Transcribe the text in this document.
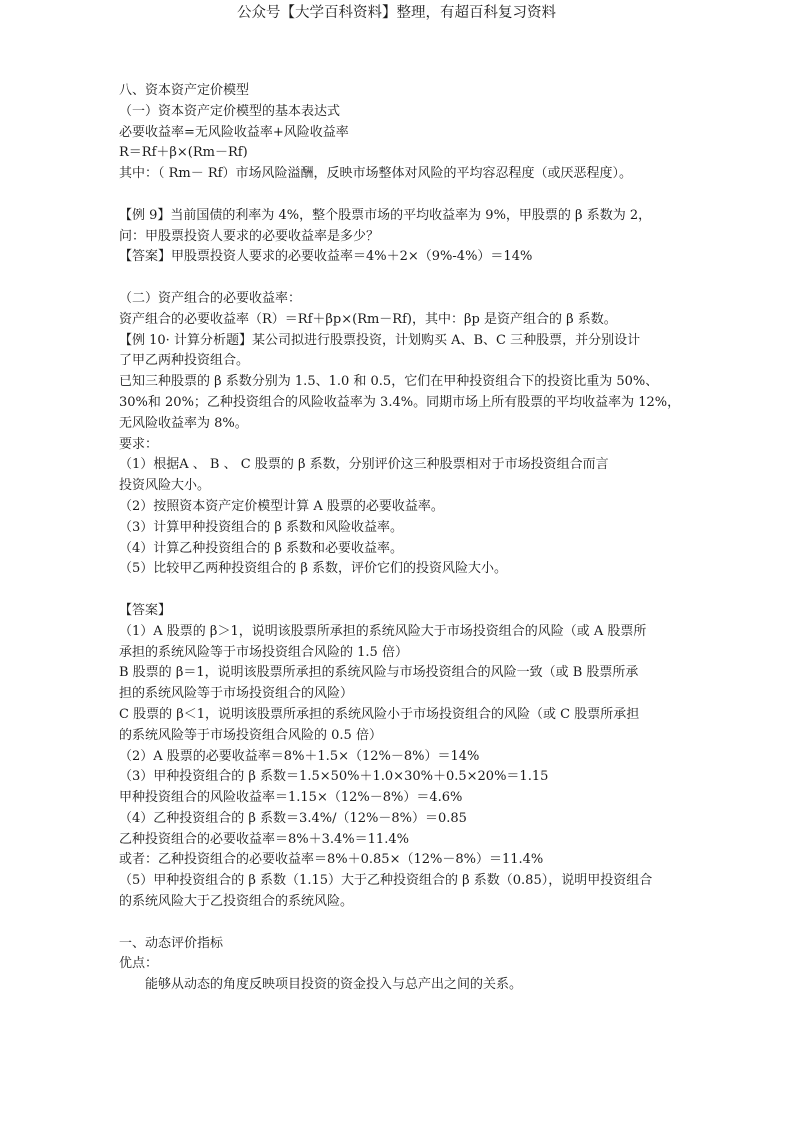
公众号【大学百科资料】整理，有超百科复习资料
八、资本资产定价模型
（一）资本资产定价模型的基本表达式
必要收益率=无风险收益率+风险收益率
R＝Rf＋β×(Rm－Rf)
其中：（ Rm－ Rf）市场风险溢酬，反映市场整体对风险的平均容忍程度（或厌恶程度）。
【例 9】当前国债的利率为 4%，整个股票市场的平均收益率为 9%，甲股票的 β 系数为 2，
问：甲股票投资人要求的必要收益率是多少？
【答案】甲股票投资人要求的必要收益率＝4%＋2×（9%-4%）＝14%
（二）资产组合的必要收益率：
资产组合的必要收益率（R）＝Rf＋βp×(Rm－Rf)，其中：βp 是资产组合的 β 系数。
【例 10· 计算分析题】某公司拟进行股票投资，计划购买 A、B、C 三种股票，并分别设计
了甲乙两种投资组合。
已知三种股票的 β 系数分别为 1.5、1.0 和 0.5，它们在甲种投资组合下的投资比重为 50%、
30%和 20%；乙种投资组合的风险收益率为 3.4%。同期市场上所有股票的平均收益率为 12%，
无风险收益率为 8%。
要求：
（1）根据A 、 B 、 C 股票的 β 系数，分别评价这三种股票相对于市场投资组合而言
投资风险大小。
（2）按照资本资产定价模型计算 A 股票的必要收益率。
（3）计算甲种投资组合的 β 系数和风险收益率。
（4）计算乙种投资组合的 β 系数和必要收益率。
（5）比较甲乙两种投资组合的 β 系数，评价它们的投资风险大小。
【答案】
（1）A 股票的 β＞1，说明该股票所承担的系统风险大于市场投资组合的风险（或 A 股票所
承担的系统风险等于市场投资组合风险的 1.5 倍）
B 股票的 β＝1，说明该股票所承担的系统风险与市场投资组合的风险一致（或 B 股票所承
担的系统风险等于市场投资组合的风险）
C 股票的 β＜1，说明该股票所承担的系统风险小于市场投资组合的风险（或 C 股票所承担
的系统风险等于市场投资组合风险的 0.5 倍）
（2）A 股票的必要收益率＝8%＋1.5×（12%－8%）＝14%
（3）甲种投资组合的 β 系数＝1.5×50%＋1.0×30%＋0.5×20%＝1.15
甲种投资组合的风险收益率＝1.15×（12%－8%）＝4.6%
（4）乙种投资组合的 β 系数＝3.4%/（12%－8%）＝0.85
乙种投资组合的必要收益率＝8%＋3.4%＝11.4%
或者：乙种投资组合的必要收益率＝8%＋0.85×（12%－8%）＝11.4%
（5）甲种投资组合的 β 系数（1.15）大于乙种投资组合的 β 系数（0.85），说明甲投资组合
的系统风险大于乙投资组合的系统风险。
一、动态评价指标
优点：
能够从动态的角度反映项目投资的资金投入与总产出之间的关系。
